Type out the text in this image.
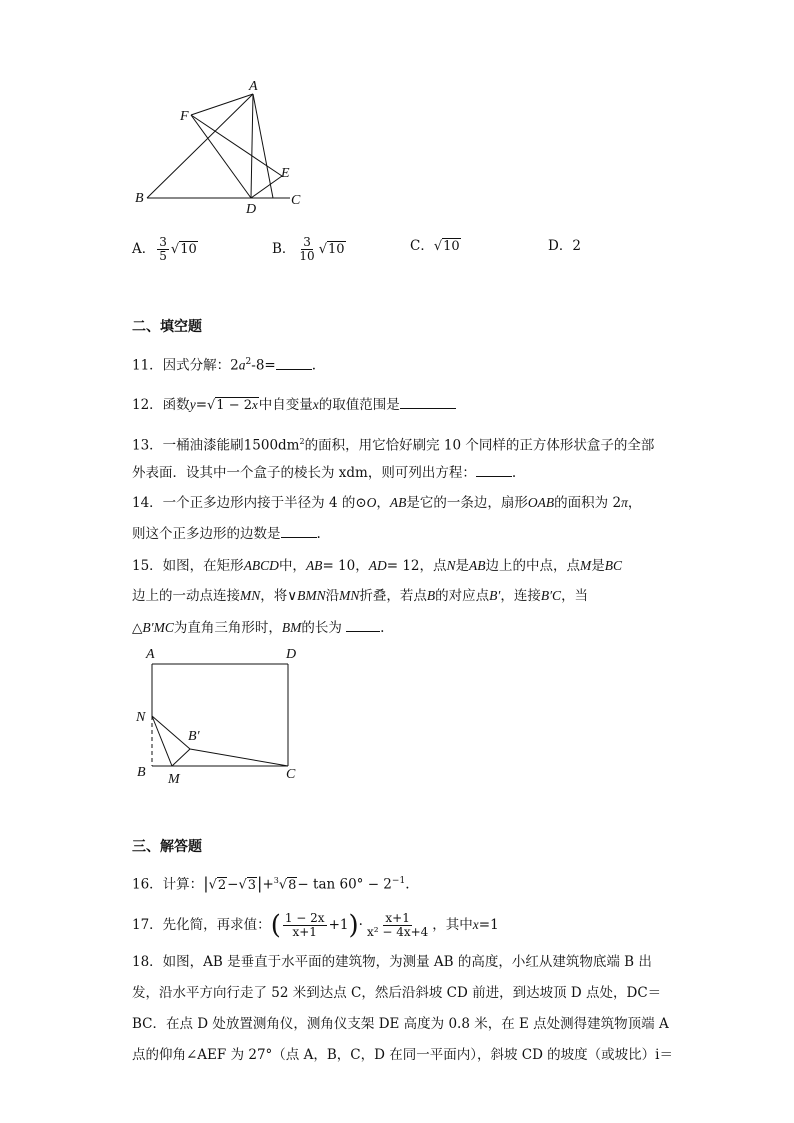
A
F
E
B
D
C
A． $\frac{3}{5} √10$	B． $\frac{3}{10} √10$	C．√10	D．2
二、填空题
11．因式分解：$2a^2-8=$	.
12．函数y=√1 − 2x中自变量x的取值范围是
13．一桶油漆能刷$1500dm^2$的面积，用它恰好刷完 10 个同样的正方体形状盒子的全部
外表面．设其中一个盒子的棱长为 xdm，则可列出方程：	.
14．一个正多边形内接于半径为 4 的⊙O，AB是它的一条边，扇形OAB的面积为 2π，
则这个正多边形的边数是	.
15．如图，在矩形ABCD中，AB= 10，AD= 12，点N是AB边上的中点，点M是BC
边上的一动点连接MN，将∨BMN沿MN折叠，若点B的对应点B′，连接B′C，当
△B′MC为直角三角形时，BM的长为	.
A	D
N
B′
B M	C
三、解答题
16．计算：$|√2-√3|+^3√8- \tan 60^\circ - 2^{-1}$.
17．先化简，再求值：( $\frac{1 - 2x}{x+1} +1)\cdot \frac{x+1}{\text{x² − 4x+4}}$ ，其中x=1
18．如图，AB 是垂直于水平面的建筑物，为测量 AB 的高度，小红从建筑物底端 B 出
发，沿水平方向行走了 52 米到达点 C，然后沿斜坡 CD 前进，到达坡顶 D 点处，DC＝
BC．在点 D 处放置测角仪，测角仪支架 DE 高度为 0.8 米，在 E 点处测得建筑物顶端 A
点的仰角∠AEF 为 27°（点 A，B，C，D 在同一平面内），斜坡 CD 的坡度（或坡比）i＝
